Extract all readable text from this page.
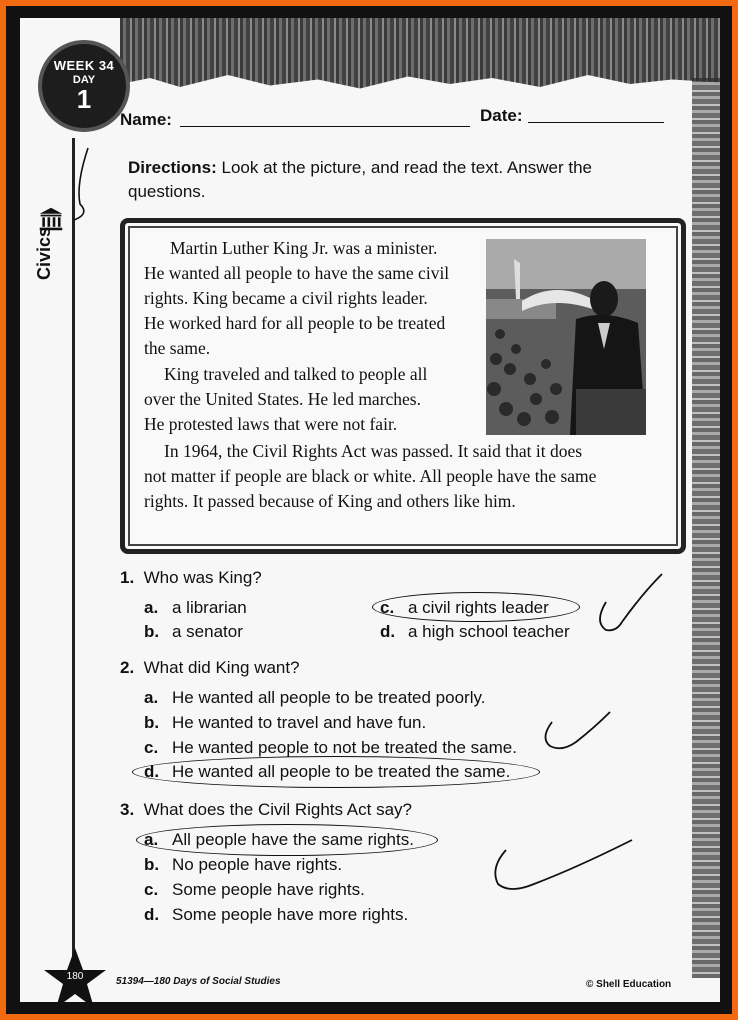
WEEK 34
DAY
1
Civics
Name:	Date:
Directions: Look at the picture, and read the text. Answer the questions.
Martin Luther King Jr. was a minister.
He wanted all people to have the same civil
rights. King became a civil rights leader.
He worked hard for all people to be treated
the same.
King traveled and talked to people all
over the United States. He led marches.
He protested laws that were not fair.
In 1964, the Civil Rights Act was passed. It said that it does
not matter if people are black or white. All people have the same
rights. It passed because of King and others like him.
1. Who was King?
a. a librarian
b. a senator
c. a civil rights leader
d. a high school teacher
2. What did King want?
a. He wanted all people to be treated poorly.
b. He wanted to travel and have fun.
c. He wanted people to not be treated the same.
d. He wanted all people to be treated the same.
3. What does the Civil Rights Act say?
a. All people have the same rights.
b. No people have rights.
c. Some people have rights.
d. Some people have more rights.
180	51394—180 Days of Social Studies	© Shell Education
